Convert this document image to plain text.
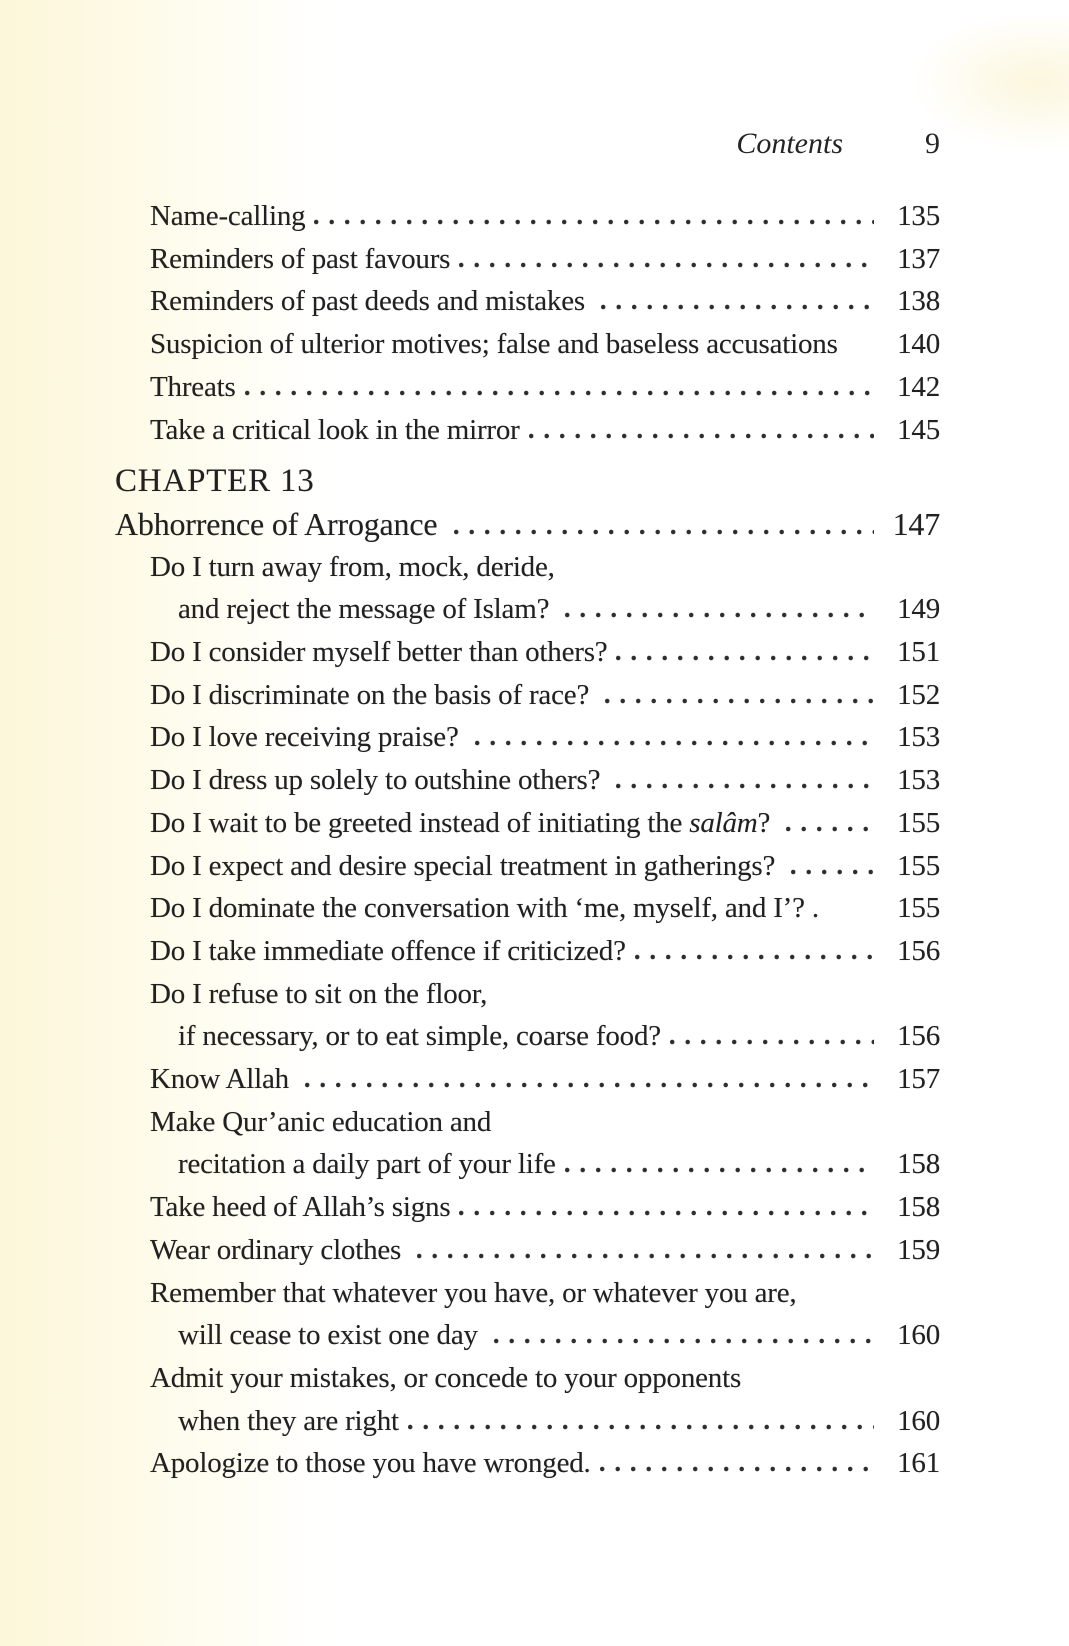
Contents	9
Name-calling	135
Reminders of past favours	137
Reminders of past deeds and mistakes	138
Suspicion of ulterior motives; false and baseless accusations 140
Threats	142
Take a critical look in the mirror	145
CHAPTER 13
Abhorrence of Arrogance	147
Do I turn away from, mock, deride,
and reject the message of Islam?	149
Do I consider myself better than others?	151
Do I discriminate on the basis of race?	152
Do I love receiving praise?	153
Do I dress up solely to outshine others?	153
Do I wait to be greeted instead of initiating the salâm?	155
Do I expect and desire special treatment in gatherings?	155
Do I dominate the conversation with ‘me, myself, and I’? .	155
Do I take immediate offence if criticized?	156
Do I refuse to sit on the floor,
if necessary, or to eat simple, coarse food?	156
Know Allah	157
Make Qur’anic education and
recitation a daily part of your life	158
Take heed of Allah’s signs	158
Wear ordinary clothes	159
Remember that whatever you have, or whatever you are,
will cease to exist one day	160
Admit your mistakes, or concede to your opponents
when they are right	160
Apologize to those you have wronged.	161
